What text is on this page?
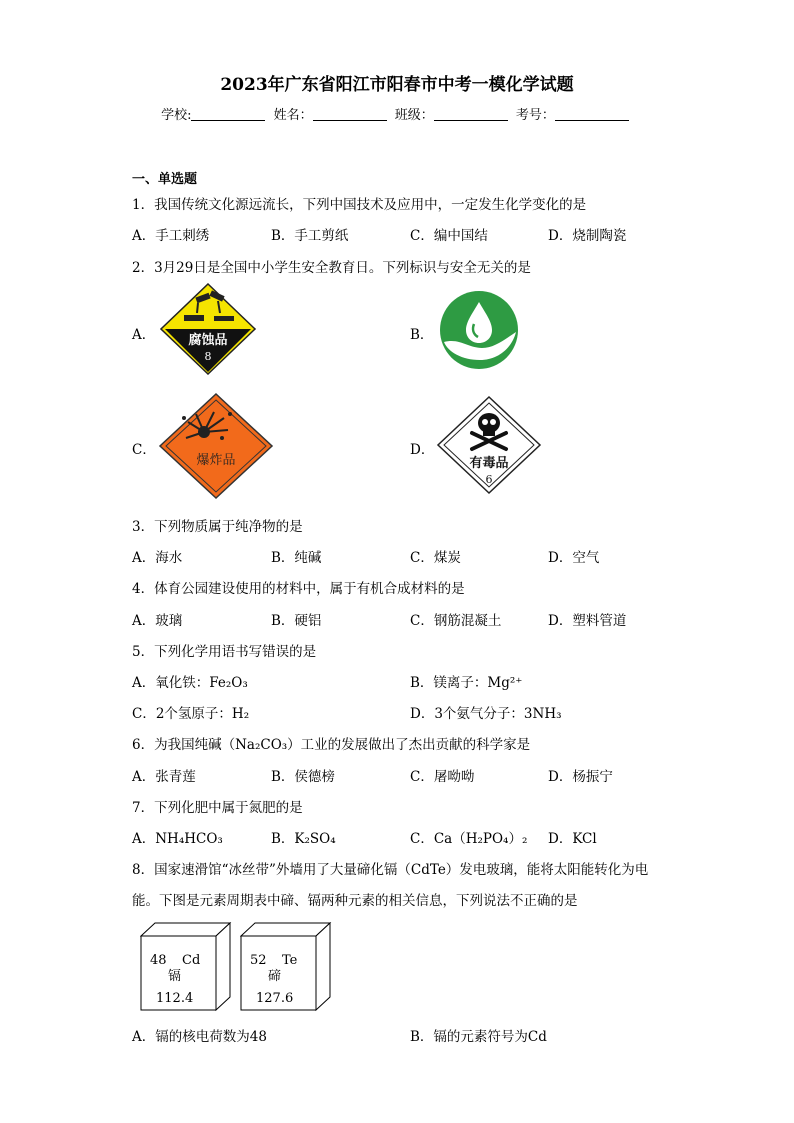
2023年广东省阳江市阳春市中考一模化学试题
学校:	姓名：	班级：	考号：
一、单选题
1．我国传统文化源远流长，下列中国技术及应用中，一定发生化学变化的是
A．手工刺绣	B．手工剪纸	C．编中国结	D．烧制陶瓷
2．3月29日是全国中小学生安全教育日。下列标识与安全无关的是
A．	B．
C．	D．
腐蚀品
8
爆炸品	有毒品
6
3．下列物质属于纯净物的是
A．海水	B．纯碱	C．煤炭	D．空气
4．体育公园建设使用的材料中，属于有机合成材料的是
A．玻璃	B．硬铝	C．钢筋混凝土	D．塑料管道
5．下列化学用语书写错误的是
A．氧化铁：Fe₂O₃	B．镁离子：Mg²⁺
C．2个氢原子：H₂	D．3个氨气分子：3NH₃
6．为我国纯碱（Na₂CO₃）工业的发展做出了杰出贡献的科学家是
A．张青莲	B．侯德榜	C．屠呦呦	D．杨振宁
7．下列化肥中属于氮肥的是
A．NH₄HCO₃	B．K₂SO₄	C．Ca（H₂PO₄）₂ D．KCl
8．国家速滑馆“冰丝带”外墙用了大量碲化镉（CdTe）发电玻璃，能将太阳能转化为电
能。下图是元素周期表中碲、镉两种元素的相关信息，下列说法不正确的是
48 Cd
镉
112.4
52 Te
碲
127.6
A．镉的核电荷数为48	B．镉的元素符号为Cd
